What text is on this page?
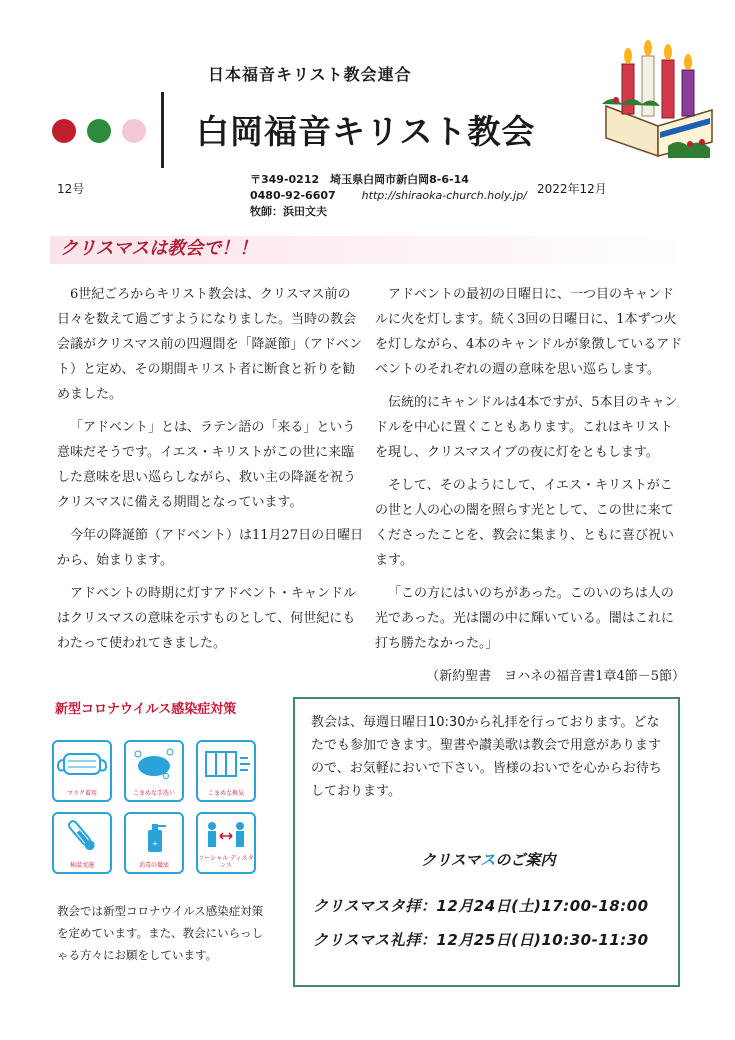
日本福音キリスト教会連合
白岡福音キリスト教会
12号
〒349-0212　埼玉県白岡市新白岡8-6-14
0480-92-6607 http://shiraoka-church.holy.jp/
牧師：浜田文夫
2022年12月
クリスマスは教会で！！

6世紀ごろからキリスト教会は、クリスマス前の日々を数えて過ごすようになりました。当時の教会会議がクリスマス前の四週間を「降誕節」（アドベント）と定め、その期間キリスト者に断食と祈りを勧めました。

「アドベント」とは、ラテン語の「来る」という意味だそうです。イエス・キリストがこの世に来臨した意味を思い巡らしながら、救い主の降誕を祝うクリスマスに備える期間となっています。

今年の降誕節（アドベント）は11月27日の日曜日から、始まります。

アドベントの時期に灯すアドベント・キャンドルはクリスマスの意味を示すものとして、何世紀にもわたって使われてきました。

アドベントの最初の日曜日に、一つ目のキャンドルに火を灯します。続く3回の日曜日に、1本ずつ火を灯しながら、4本のキャンドルが象徴しているアドベントのそれぞれの週の意味を思い巡らします。

伝統的にキャンドルは4本ですが、5本目のキャンドルを中心に置くこともあります。これはキリストを現し、クリスマスイブの夜に灯をともします。

そして、そのようにして、イエス・キリストがこの世と人の心の闇を照らす光として、この世に来てくださったことを、教会に集まり、ともに喜び祝います。

「この方にはいのちがあった。このいのちは人の光であった。光は闇の中に輝いている。闇はこれに打ち勝たなかった。」

（新約聖書　ヨハネの福音書1章4節－5節）

新型コロナウイルス感染症対策
マスク着用	こまめな手洗い	こまめな換気
検温実施
+
消毒の徹底
ソーシャル ディスタンス
教会では新型コロナウイルス感染症対策を定めています。また、教会にいらっしゃる方々にお願をしています。
教会は、毎週日曜日10:30から礼拝を行っております。どなたでも参加できます。聖書や讃美歌は教会で用意がありますので、お気軽においで下さい。皆様のおいでを心からお待ちしております。
クリスマスのご案内
クリスマスタ拝：12月24日(土)17:00-18:00
クリスマス礼拝：12月25日(日)10:30-11:30
